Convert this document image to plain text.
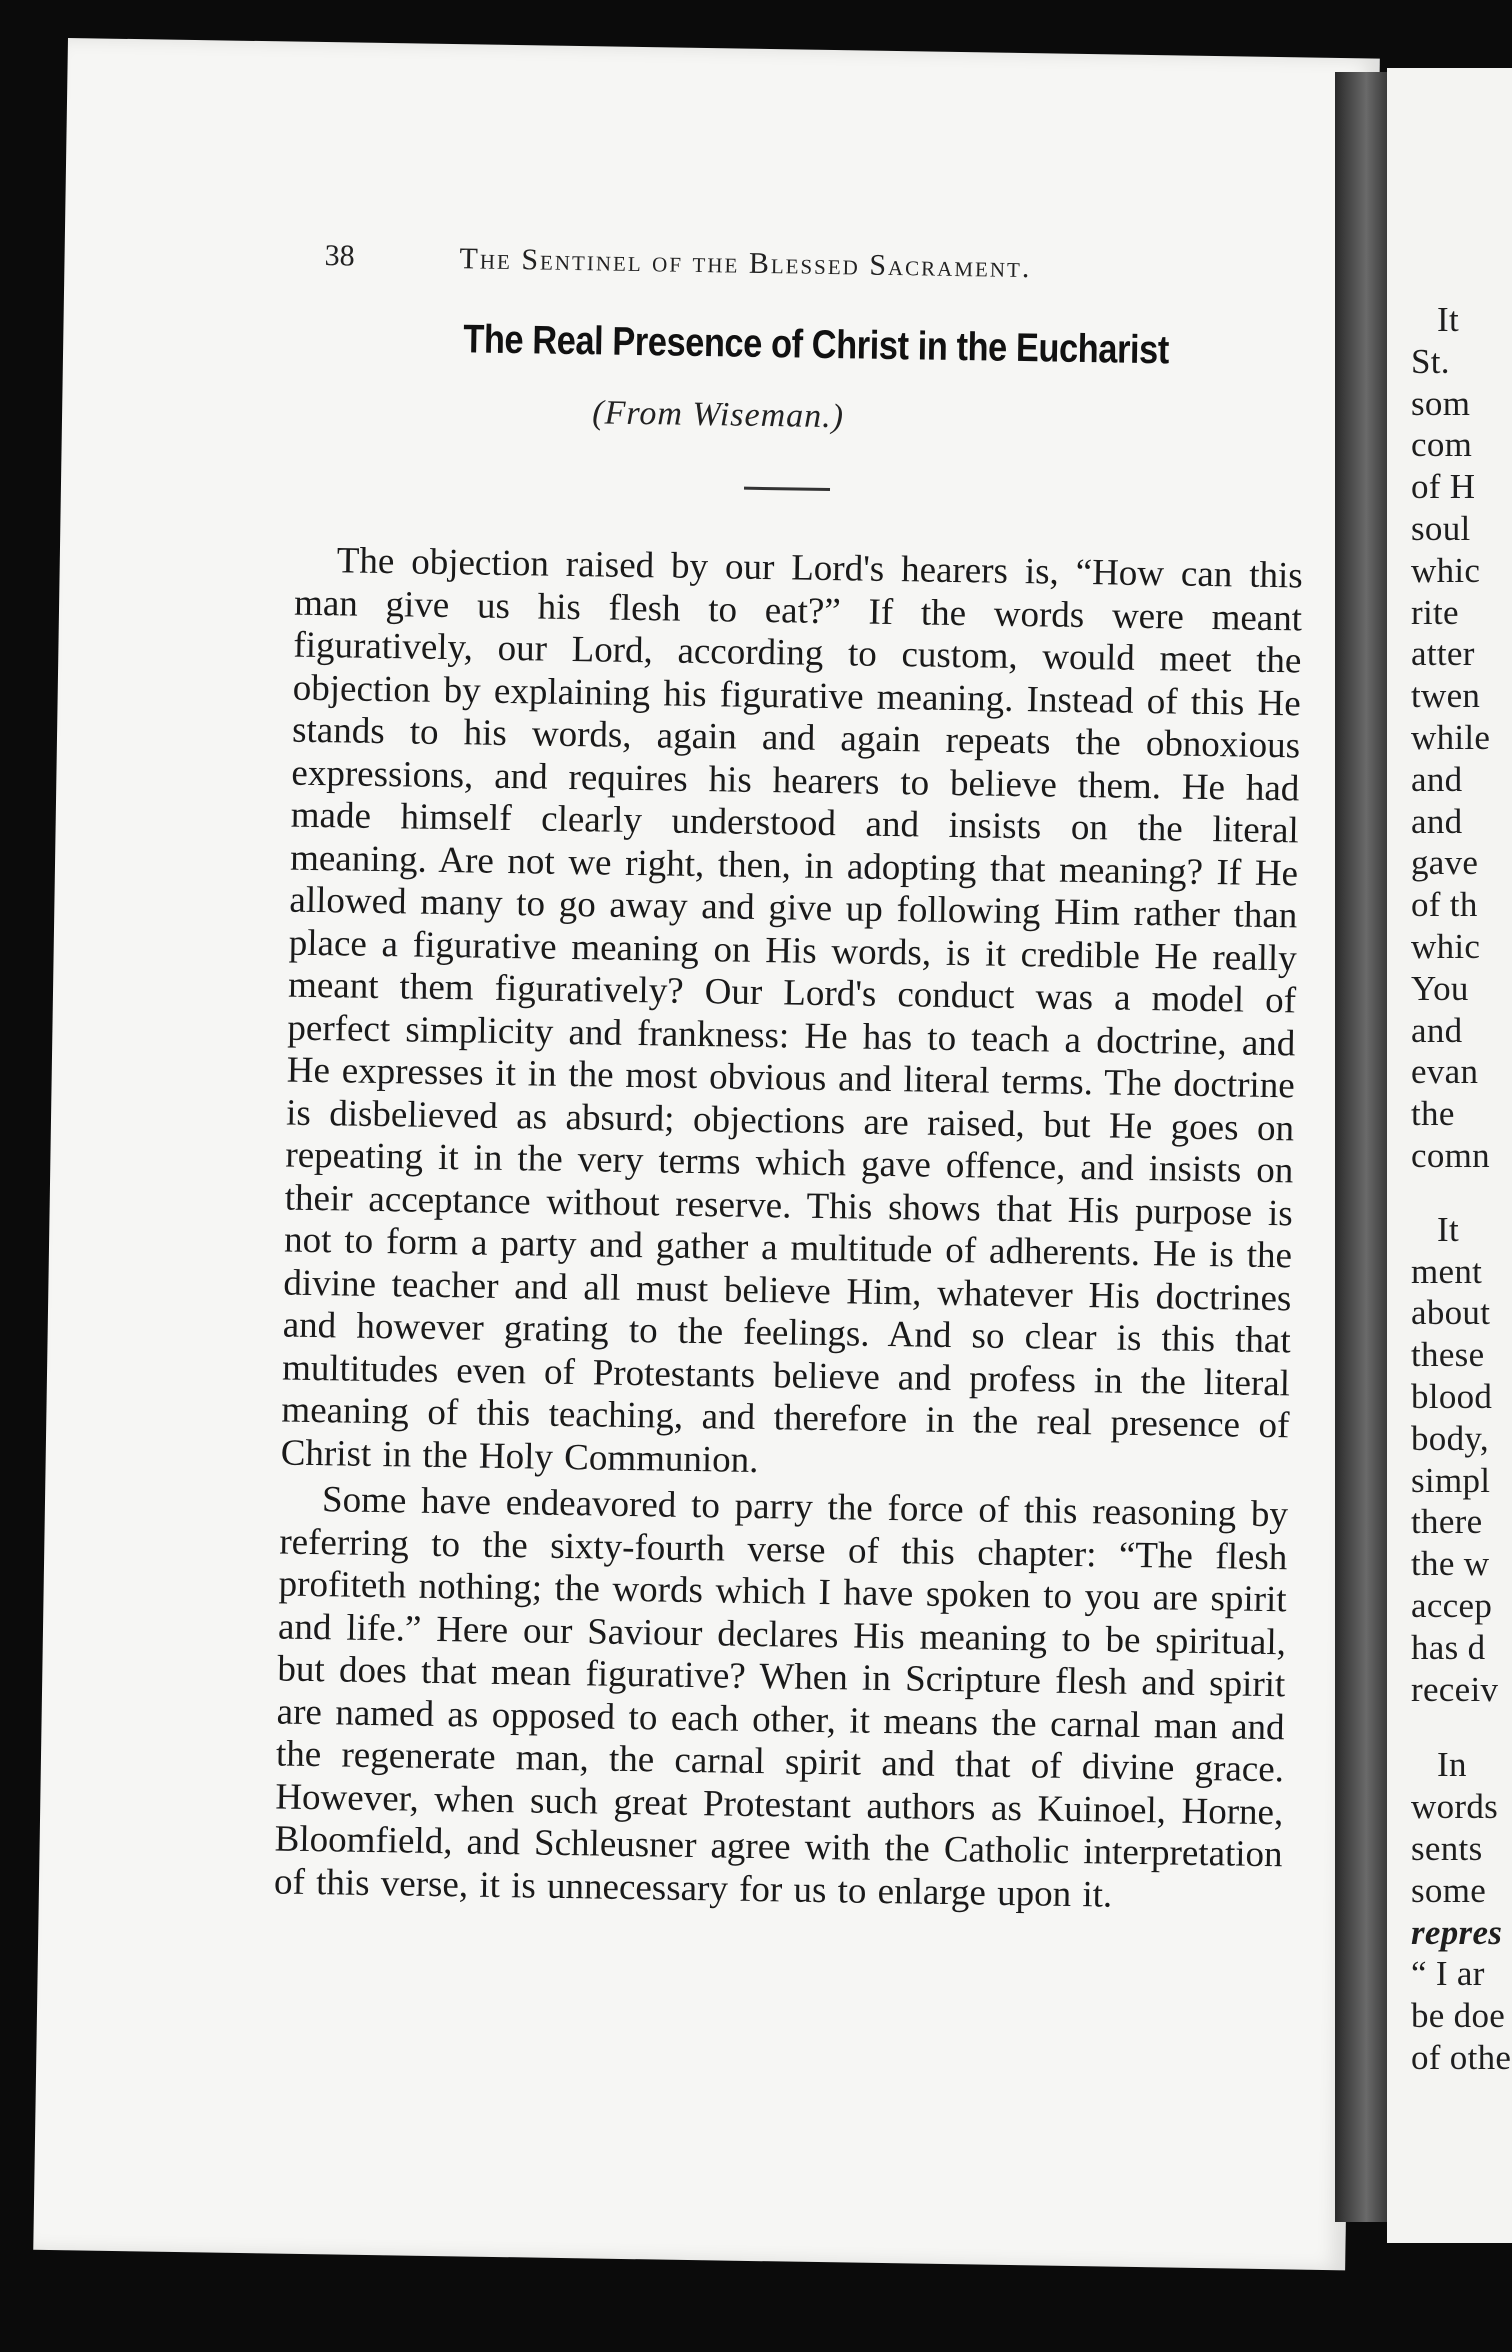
38	The Sentinel of the Blessed Sacrament.
The Real Presence of Christ in the Eucharist
(From Wiseman.)

The objection raised by our Lord's hearers is, “How can this man give us his flesh to eat?” If the words were meant figuratively, our Lord, according to custom, would meet the objection by explaining his figurative meaning. Instead of this He stands to his words, again and again repeats the obnoxious expressions, and requires his hearers to believe them. He had made himself clearly understood and insists on the literal meaning. Are not we right, then, in adopting that meaning? If He allowed many to go away and give up following Him rather than place a figurative meaning on His words, is it credible He really meant them figuratively? Our Lord's conduct was a model of perfect simplicity and frankness: He has to teach a doctrine, and He expresses it in the most obvious and literal terms. The doctrine is disbelieved as absurd; objections are raised, but He goes on repeating it in the very terms which gave offence, and insists on their acceptance without reserve. This shows that His purpose is not to form a party and gather a multitude of adherents. He is the divine teacher and all must believe Him, whatever His doctrines and however grating to the feelings. And so clear is this that multitudes even of Protestants believe and profess in the literal meaning of this teaching, and therefore in the real presence of Christ in the Holy Communion.

Some have endeavored to parry the force of this reasoning by referring to the sixty-fourth verse of this chapter: “The flesh profiteth nothing; the words which I have spoken to you are spirit and life.” Here our Saviour declares His meaning to be spiritual, but does that mean figurative? When in Scripture flesh and spirit are named as opposed to each other, it means the carnal man and the regenerate man, the carnal spirit and that of divine grace. However, when such great Protestant authors as Kuinoel, Horne, Bloomfield, and Schleusner agree with the Catholic interpretation of this verse, it is unnecessary for us to enlarge upon it.

It
St.
som
com
of H
soul
whic
rite
atter
twen
while
and
and
gave
of th
whic
You
and
evan
the
comn
It
ment
about
these
blood
body,
simpl
there
the w
accep
has d
receiv
In
words
sents
some
repres
“ I ar
be doe
of othe
